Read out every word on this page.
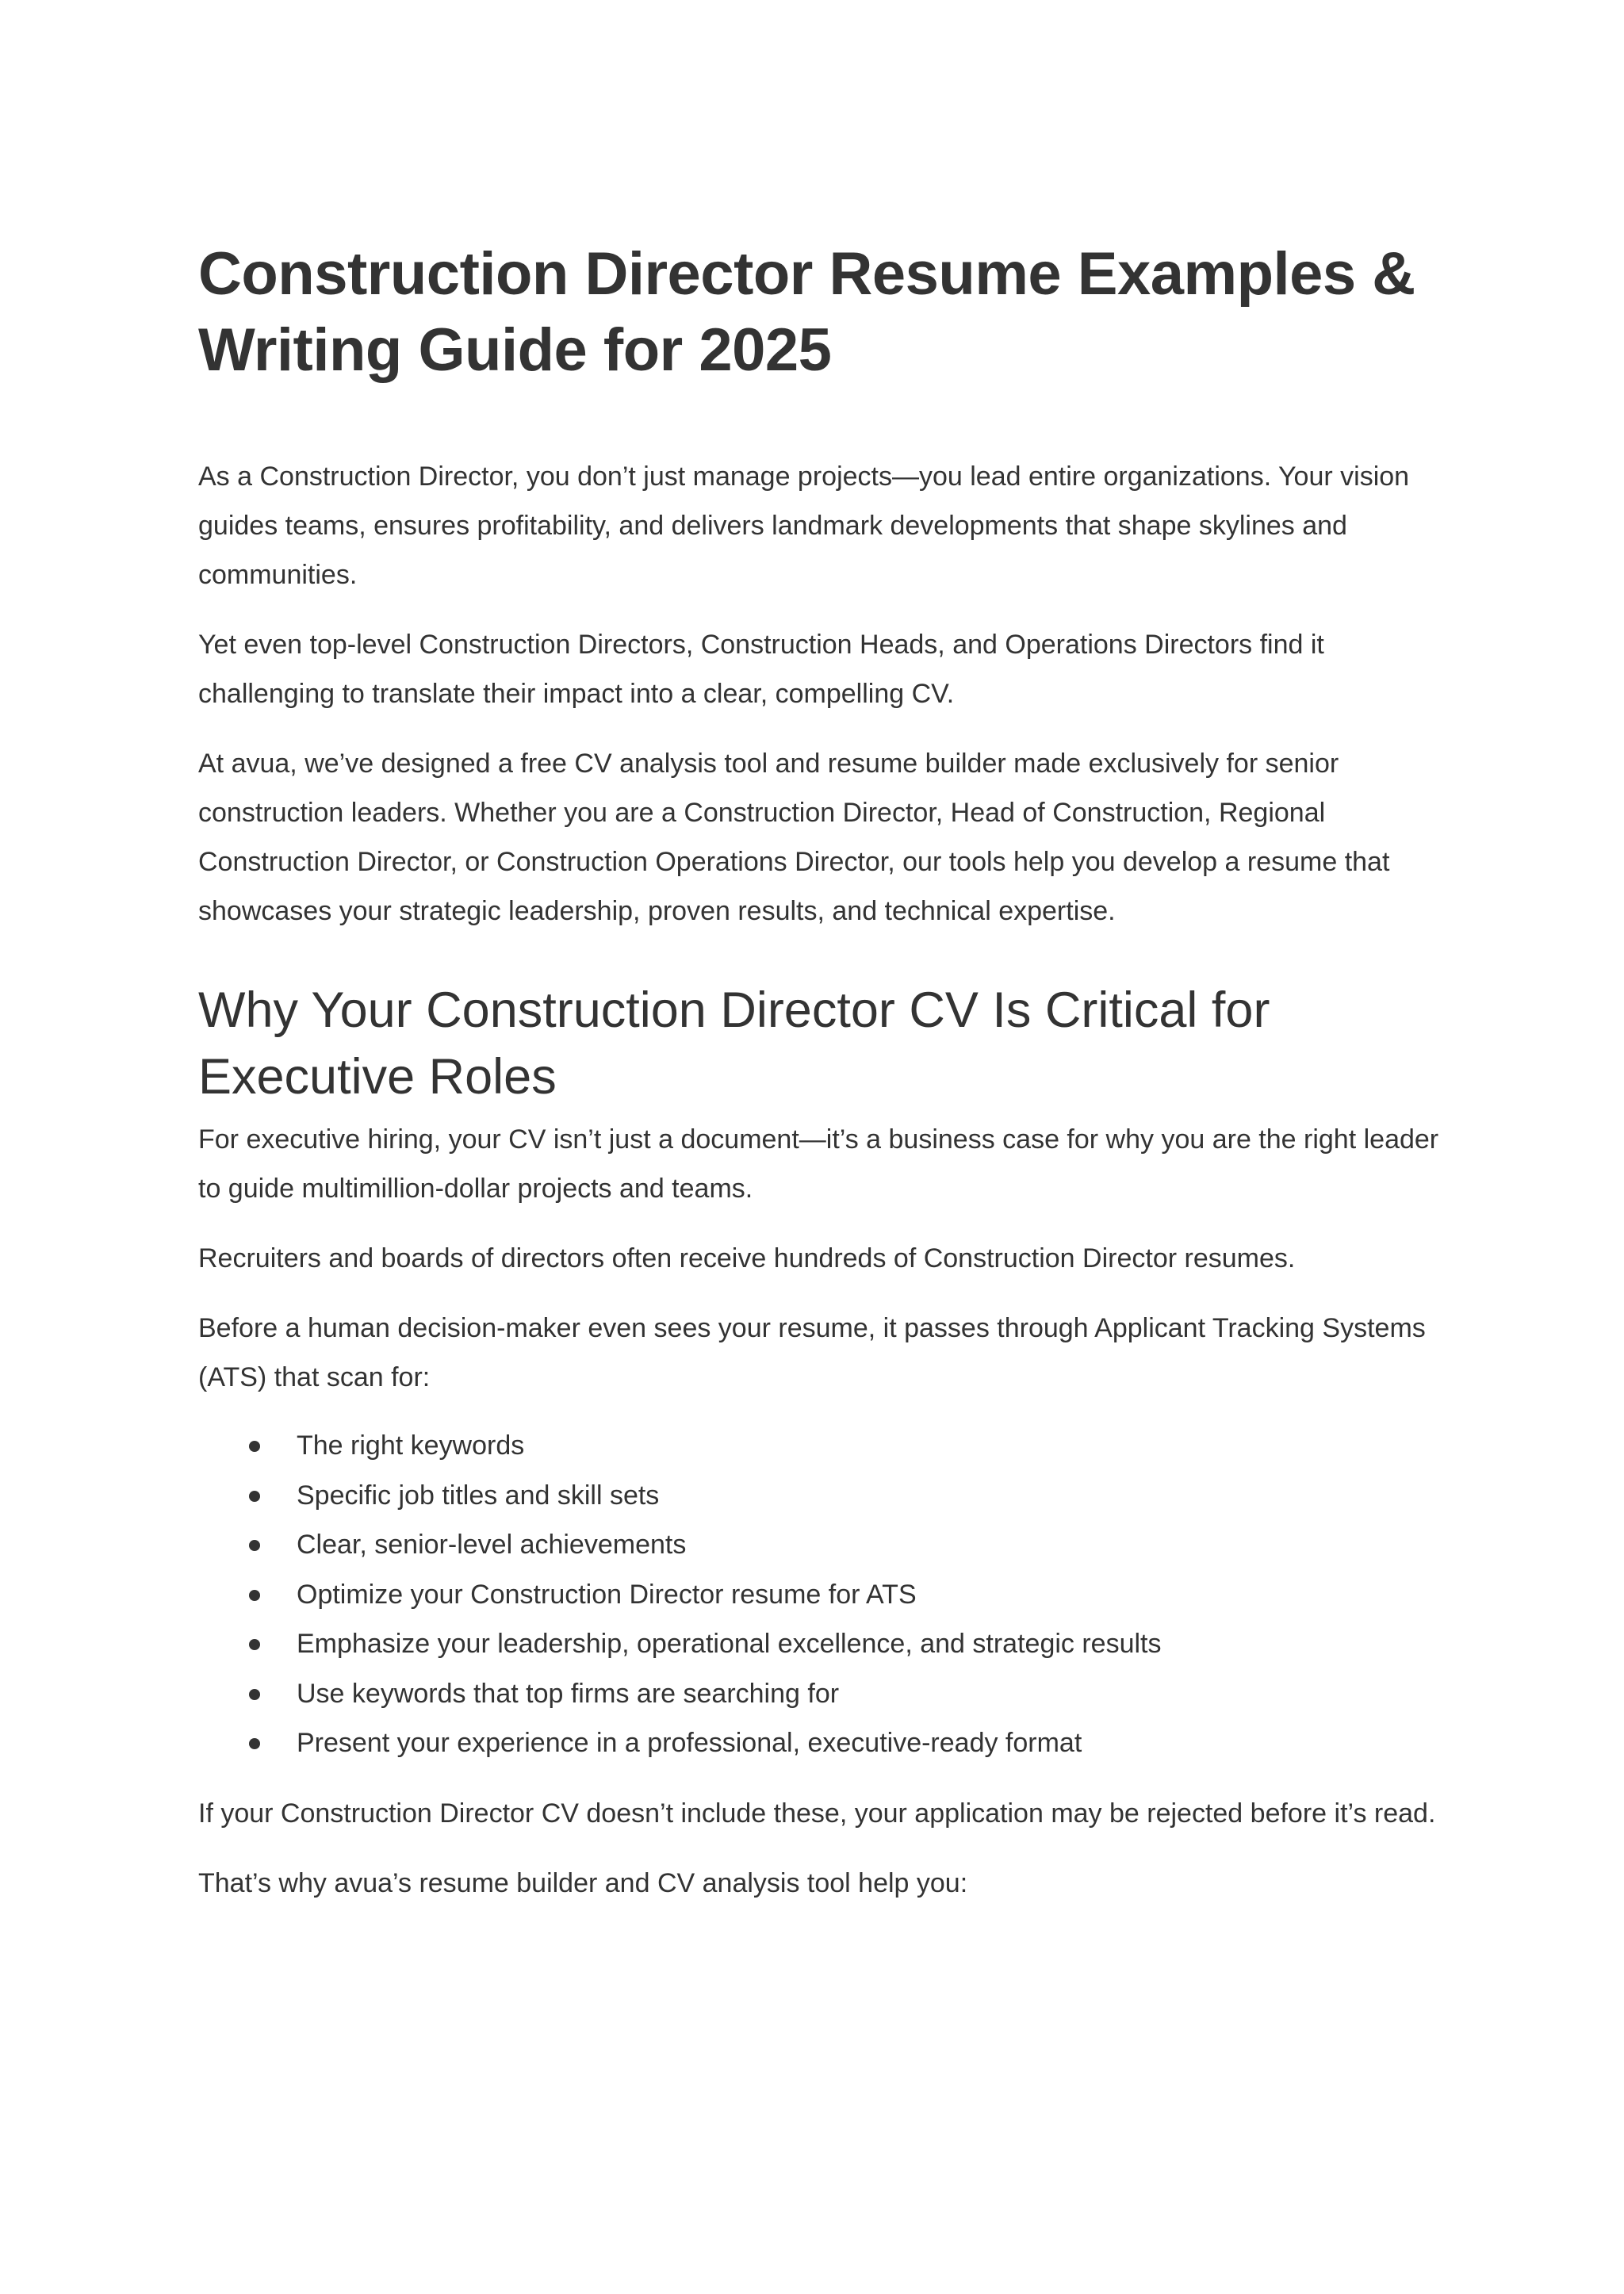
Construction Director Resume Examples & Writing Guide for 2025

As a Construction Director, you don’t just manage projects—you lead entire organizations. Your vision guides teams, ensures profitability, and delivers landmark developments that shape skylines and communities.

Yet even top-level Construction Directors, Construction Heads, and Operations Directors find it challenging to translate their impact into a clear, compelling CV.

At avua, we’ve designed a free CV analysis tool and resume builder made exclusively for senior construction leaders. Whether you are a Construction Director, Head of Construction, Regional Construction Director, or Construction Operations Director, our tools help you develop a resume that showcases your strategic leadership, proven results, and technical expertise.

Why Your Construction Director CV Is Critical for Executive Roles

For executive hiring, your CV isn’t just a document—it’s a business case for why you are the right leader to guide multimillion-dollar projects and teams.

Recruiters and boards of directors often receive hundreds of Construction Director resumes.

Before a human decision-maker even sees your resume, it passes through Applicant Tracking Systems (ATS) that scan for:

The right keywords
Specific job titles and skill sets
Clear, senior-level achievements
Optimize your Construction Director resume for ATS
Emphasize your leadership, operational excellence, and strategic results
Use keywords that top firms are searching for
Present your experience in a professional, executive-ready format

If your Construction Director CV doesn’t include these, your application may be rejected before it’s read.

That’s why avua’s resume builder and CV analysis tool help you:
